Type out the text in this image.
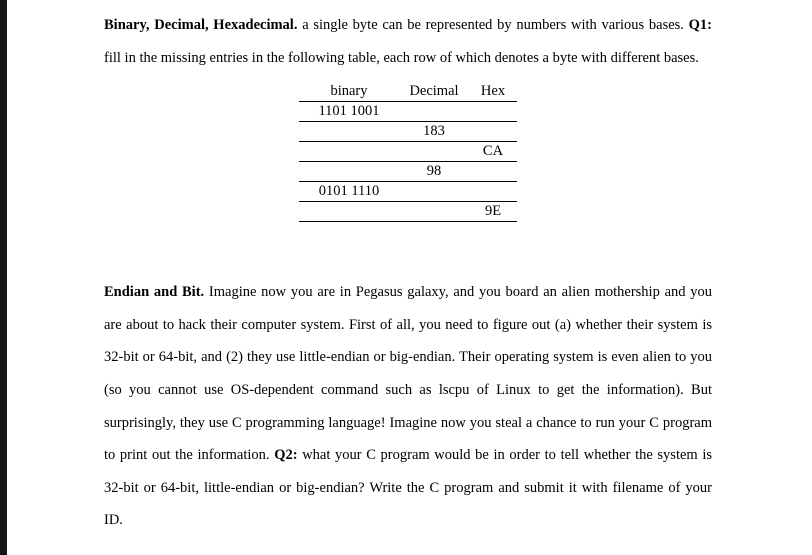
Binary, Decimal, Hexadecimal. a single byte can be represented by numbers with various bases. Q1: fill in the missing entries in the following table, each row of which denotes a byte with different bases.

binary	Decimal	Hex
1101 1001		
	183	
		CA
	98	
0101 1110		
		9E

Endian and Bit. Imagine now you are in Pegasus galaxy, and you board an alien mothership and you are about to hack their computer system. First of all, you need to figure out (a) whether their system is 32-bit or 64-bit, and (2) they use little-endian or big-endian. Their operating system is even alien to you (so you cannot use OS-dependent command such as lscpu of Linux to get the information). But surprisingly, they use C programming language! Imagine now you steal a chance to run your C program to print out the information. Q2: what your C program would be in order to tell whether the system is 32-bit or 64-bit, little-endian or big-endian? Write the C program and submit it with filename of your ID.
